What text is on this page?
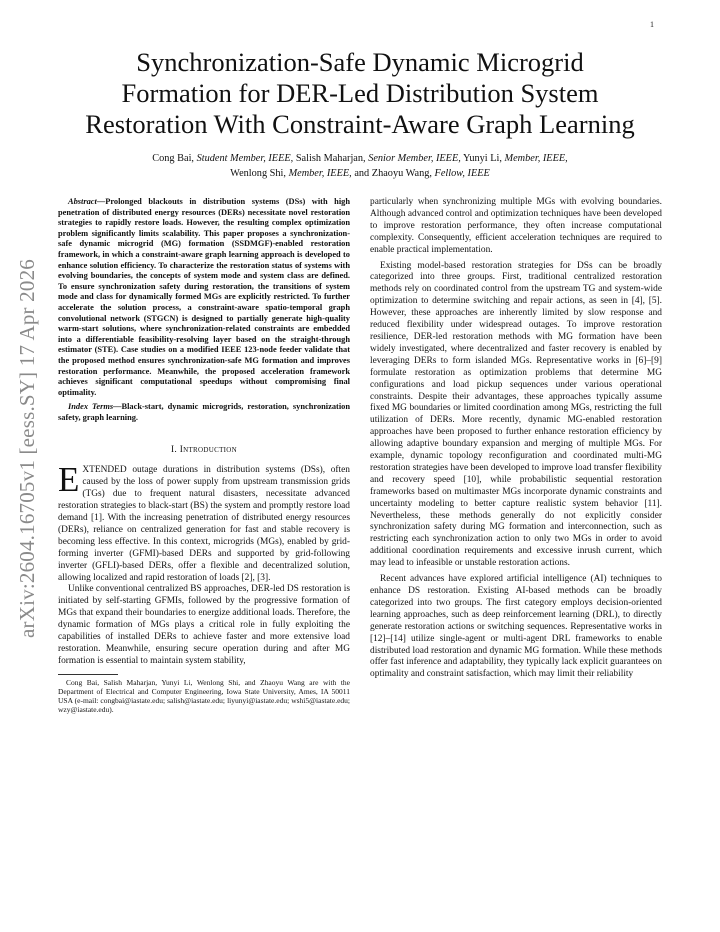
1
arXiv:2604.16705v1 [eess.SY] 17 Apr 2026
Synchronization-Safe Dynamic Microgrid
Formation for DER-Led Distribution System
Restoration With Constraint-Aware Graph Learning
Cong Bai, Student Member, IEEE, Salish Maharjan, Senior Member, IEEE, Yunyi Li, Member, IEEE,
Wenlong Shi, Member, IEEE, and Zhaoyu Wang, Fellow, IEEE

Abstract—Prolonged blackouts in distribution systems (DSs) with high penetration of distributed energy resources (DERs) necessitate novel restoration strategies to rapidly restore loads. However, the resulting complex optimization problem significantly limits scalability. This paper proposes a synchronization-safe dynamic microgrid (MG) formation (SSDMGF)-enabled restoration framework, in which a constraint-aware graph learning approach is developed to enhance solution efficiency. To characterize the restoration status of systems with evolving boundaries, the concepts of system mode and system class are defined. To ensure synchronization safety during restoration, the transitions of system mode and class for dynamically formed MGs are explicitly restricted. To further accelerate the solution process, a constraint-aware spatio-temporal graph convolutional network (STGCN) is designed to partially generate high-quality warm-start solutions, where synchronization-related constraints are embedded into a differentiable feasibility-resolving layer based on the straight-through estimator (STE). Case studies on a modified IEEE 123-node feeder validate that the proposed method ensures synchronization-safe MG formation and improves restoration performance. Meanwhile, the proposed acceleration framework achieves significant computational speedups without compromising final optimality.

Index Terms—Black-start, dynamic microgrids, restoration, synchronization safety, graph learning.

I. Introduction

EXTENDED outage durations in distribution systems (DSs), often caused by the loss of power supply from upstream transmission grids (TGs) due to frequent natural disasters, necessitate advanced restoration strategies to black-start (BS) the system and promptly restore load demand [1]. With the increasing penetration of distributed energy resources (DERs), reliance on centralized generation for fast and stable recovery is becoming less effective. In this context, microgrids (MGs), enabled by grid-forming inverter (GFMI)-based DERs and supported by grid-following inverter (GFLI)-based DERs, offer a flexible and decentralized solution, allowing localized and rapid restoration of loads [2], [3].

Unlike conventional centralized BS approaches, DER-led DS restoration is initiated by self-starting GFMIs, followed by the progressive formation of MGs that expand their boundaries to energize additional loads. Therefore, the dynamic formation of MGs plays a critical role in fully exploiting the capabilities of installed DERs to achieve faster and more extensive load restoration. Meanwhile, ensuring secure operation during and after MG formation is essential to maintain system stability,

Cong Bai, Salish Maharjan, Yunyi Li, Wenlong Shi, and Zhaoyu Wang are with the Department of Electrical and Computer Engineering, Iowa State University, Ames, IA 50011 USA (e-mail: congbai@iastate.edu; salish@iastate.edu; liyunyi@iastate.edu; wshi5@iastate.edu; wzy@iastate.edu).

particularly when synchronizing multiple MGs with evolving boundaries. Although advanced control and optimization techniques have been developed to improve restoration performance, they often increase computational complexity. Consequently, efficient acceleration techniques are required to enable practical implementation.

Existing model-based restoration strategies for DSs can be broadly categorized into three groups. First, traditional centralized restoration methods rely on coordinated control from the upstream TG and system-wide optimization to determine switching and repair actions, as seen in [4], [5]. However, these approaches are inherently limited by slow response and reduced flexibility under widespread outages. To improve restoration resilience, DER-led restoration methods with MG formation have been widely investigated, where decentralized and faster recovery is enabled by leveraging DERs to form islanded MGs. Representative works in [6]–[9] formulate restoration as optimization problems that determine MG configurations and load pickup sequences under various operational constraints. Despite their advantages, these approaches typically assume fixed MG boundaries or limited coordination among MGs, restricting the full utilization of DERs. More recently, dynamic MG-enabled restoration approaches have been proposed to further enhance restoration efficiency by allowing adaptive boundary expansion and merging of multiple MGs. For example, dynamic topology reconfiguration and coordinated multi-MG restoration strategies have been developed to improve load transfer flexibility and recovery speed [10], while probabilistic sequential restoration frameworks based on multimaster MGs incorporate dynamic constraints and uncertainty modeling to better capture realistic system behavior [11]. Nevertheless, these methods generally do not explicitly consider synchronization safety during MG formation and interconnection, such as restricting each synchronization action to only two MGs in order to avoid additional coordination requirements and excessive inrush current, which may lead to infeasible or unstable restoration actions.

Recent advances have explored artificial intelligence (AI) techniques to enhance DS restoration. Existing AI-based methods can be broadly categorized into two groups. The first category employs decision-oriented learning approaches, such as deep reinforcement learning (DRL), to directly generate restoration actions or switching sequences. Representative works in [12]–[14] utilize single-agent or multi-agent DRL frameworks to enable distributed load restoration and dynamic MG formation. While these methods offer fast inference and adaptability, they typically lack explicit guarantees on optimality and constraint satisfaction, which may limit their reliability
